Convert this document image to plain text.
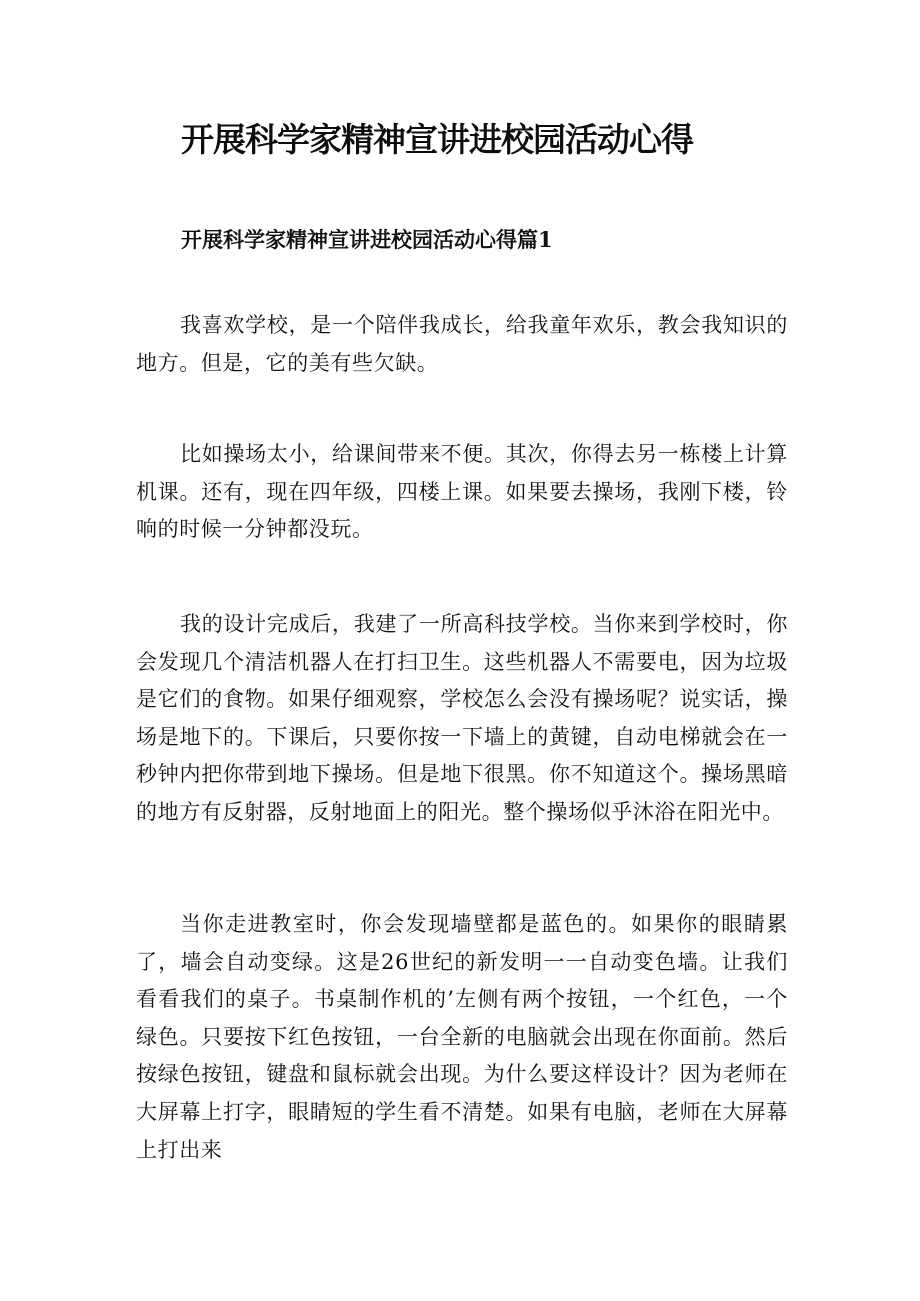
开展科学家精神宣讲进校园活动心得
开展科学家精神宣讲进校园活动心得篇1

我喜欢学校，是一个陪伴我成长，给我童年欢乐，教会我知识的地方。但是，它的美有些欠缺。

比如操场太小，给课间带来不便。其次，你得去另一栋楼上计算机课。还有，现在四年级，四楼上课。如果要去操场，我刚下楼，铃响的时候一分钟都没玩。

我的设计完成后，我建了一所高科技学校。当你来到学校时，你会发现几个清洁机器人在打扫卫生。这些机器人不需要电，因为垃圾是它们的食物。如果仔细观察，学校怎么会没有操场呢？说实话，操场是地下的。下课后，只要你按一下墙上的黄键，自动电梯就会在一秒钟内把你带到地下操场。但是地下很黑。你不知道这个。操场黑暗的地方有反射器，反射地面上的阳光。整个操场似乎沐浴在阳光中。

当你走进教室时，你会发现墙壁都是蓝色的。如果你的眼睛累了，墙会自动变绿。这是26世纪的新发明一一自动变色墙。让我们看看我们的桌子。书桌制作机的’左侧有两个按钮，一个红色，一个绿色。只要按下红色按钮，一台全新的电脑就会出现在你面前。然后按绿色按钮，键盘和鼠标就会出现。为什么要这样设计？因为老师在大屏幕上打字，眼睛短的学生看不清楚。如果有电脑，老师在大屏幕上打出来
